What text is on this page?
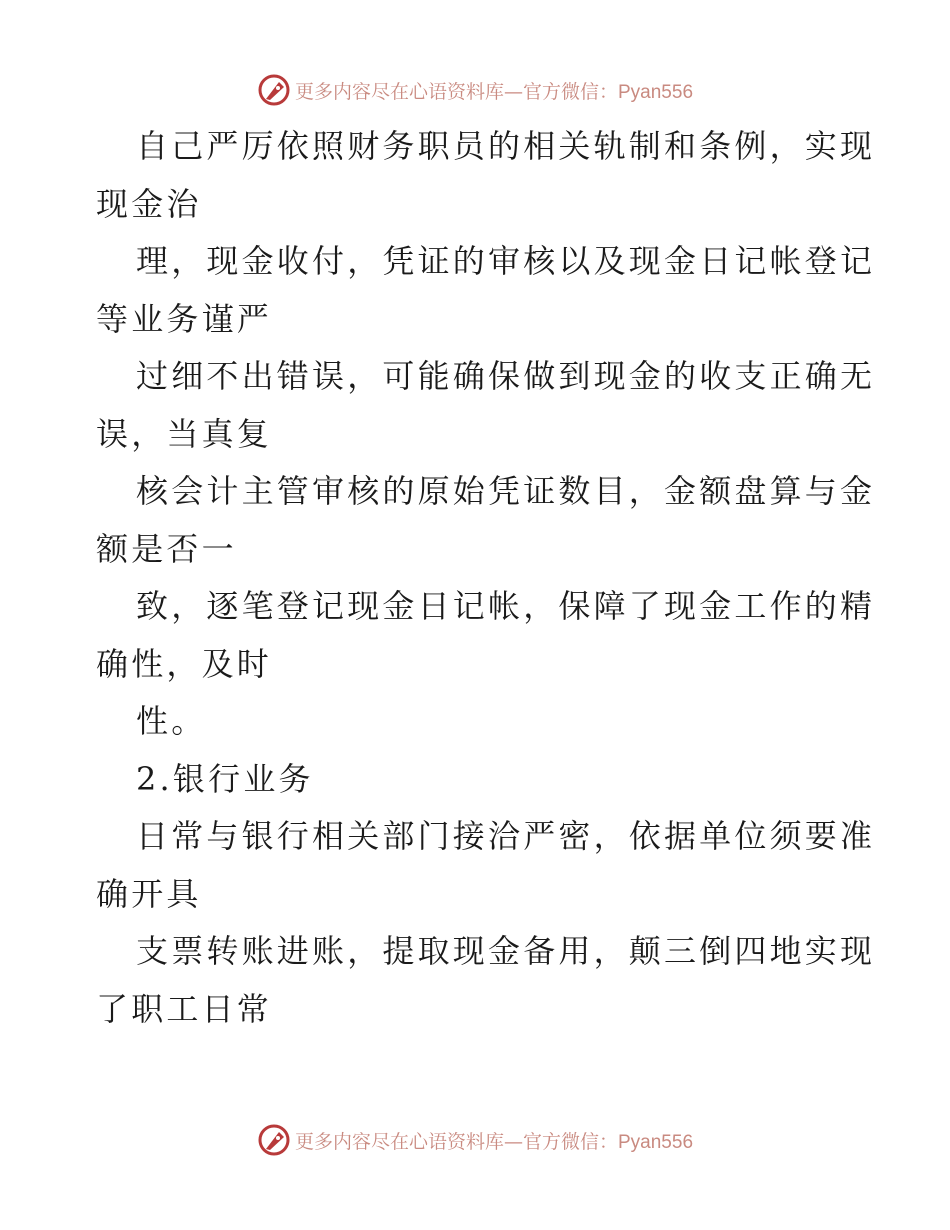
更多内容尽在心语资料库—官方微信：Pyan556
自己严厉依照财务职员的相关轨制和条例，实现
现金治
理，现金收付，凭证的审核以及现金日记帐登记
等业务谨严
过细不出错误，可能确保做到现金的收支正确无
误，当真复
核会计主管审核的原始凭证数目，金额盘算与金
额是否一
致，逐笔登记现金日记帐，保障了现金工作的精
确性，及时
性。
2.银行业务
日常与银行相关部门接洽严密，依据单位须要准
确开具
支票转账进账，提取现金备用，颠三倒四地实现
了职工日常
更多内容尽在心语资料库—官方微信：Pyan556
